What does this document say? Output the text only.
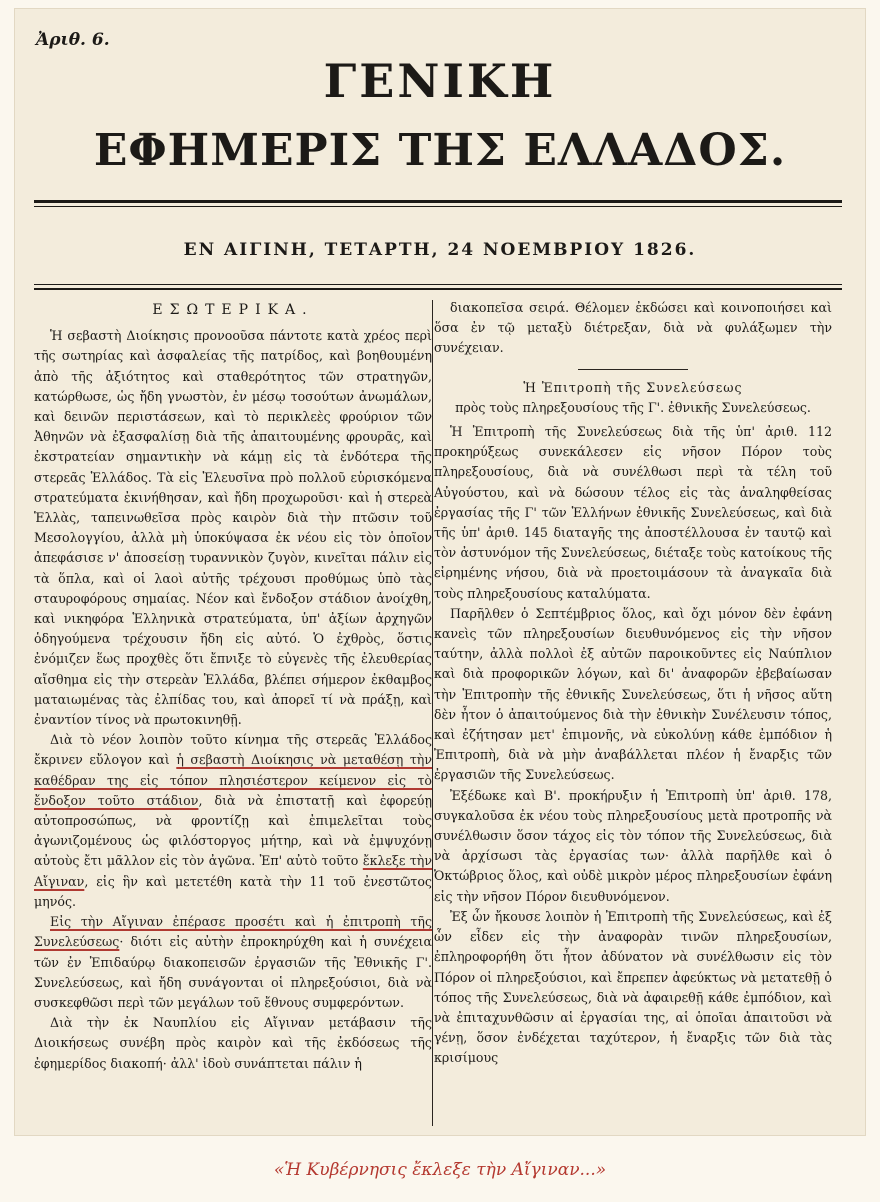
Ἀριθ. 6.
ΓΕΝΙΚΗ
ΕΦΗΜΕΡΙΣ ΤΗΣ ΕΛΛΑΔΟΣ.
ΕΝ ΑΙΓΙΝΗ, ΤΕΤΑΡΤΗ, 24 ΝΟΕΜΒΡΙΟΥ 1826.
ΕΣΩΤΕΡΙΚΑ.

Ἡ σεβαστὴ Διοίκησις προνοοῦσα πάντοτε κατὰ χρέος περὶ τῆς σωτηρίας καὶ ἀσφαλείας τῆς πατρίδος, καὶ βοηθουμένη ἀπὸ τῆς ἀξιότητος καὶ σταθερότητος τῶν στρατηγῶν, κατώρθωσε, ὡς ἤδη γνωστὸν, ἐν μέσῳ τοσούτων ἀνωμάλων, καὶ δεινῶν περιστάσεων, καὶ τὸ περικλεὲς φρούριον τῶν Ἀθηνῶν νὰ ἐξασφαλίσῃ διὰ τῆς ἀπαιτουμένης φρουρᾶς, καὶ ἐκστρατείαν σημαντικὴν νὰ κάμῃ εἰς τὰ ἐνδότερα τῆς στερεᾶς Ἑλλάδος. Τὰ εἰς Ἐλευσῖνα πρὸ πολλοῦ εὑρισκόμενα στρατεύματα ἐκινήθησαν, καὶ ἤδη προχωροῦσι· καὶ ἡ στερεὰ Ἑλλὰς, ταπεινωθεῖσα πρὸς καιρὸν διὰ τὴν πτῶσιν τοῦ Μεσολογγίου, ἀλλὰ μὴ ὑποκύψασα ἐκ νέου εἰς τὸν ὁποῖον ἀπεφάσισε ν' ἀποσείσῃ τυραννικὸν ζυγὸν, κινεῖται πάλιν εἰς τὰ ὅπλα, καὶ οἱ λαοὶ αὐτῆς τρέχουσι προθύμως ὑπὸ τὰς σταυροφόρους σημαίας. Νέον καὶ ἔνδοξον στάδιον ἀνοίχθη, καὶ νικηφόρα Ἑλληνικὰ στρατεύματα, ὑπ' ἀξίων ἀρχηγῶν ὁδηγούμενα τρέχουσιν ἤδη εἰς αὐτό. Ὁ ἐχθρὸς, ὅστις ἐνόμιζεν ἕως προχθὲς ὅτι ἔπνιξε τὸ εὐγενὲς τῆς ἐλευθερίας αἴσθημα εἰς τὴν στερεὰν Ἑλλάδα, βλέπει σήμερον ἐκθαμβος ματαιωμένας τὰς ἐλπίδας του, καὶ ἀπορεῖ τί νὰ πράξῃ, καὶ ἐναντίον τίνος νὰ πρωτοκινηθῇ.

Διὰ τὸ νέον λοιπὸν τοῦτο κίνημα τῆς στερεᾶς Ἑλλάδος ἔκρινεν εὔλογον καὶ ἡ σεβαστὴ Διοίκησις νὰ μεταθέσῃ τὴν καθέδραν της εἰς τόπον πλησιέστερον κείμενον εἰς τὸ ἔνδοξον τοῦτο στάδιον, διὰ νὰ ἐπιστατῇ καὶ ἐφορεύῃ αὐτοπροσώπως, νὰ φροντίζῃ καὶ ἐπιμελεῖται τοὺς ἀγωνιζομένους ὡς φιλόστοργος μήτηρ, καὶ νὰ ἐμψυχόνῃ αὐτοὺς ἔτι μᾶλλον εἰς τὸν ἀγῶνα. Ἐπ' αὐτὸ τοῦτο ἔκλεξε τὴν Αἴγιναν, εἰς ἣν καὶ μετετέθη κατὰ τὴν 11 τοῦ ἐνεστῶτος μηνός.

Εἰς τὴν Αἴγιναν ἐπέρασε προσέτι καὶ ἡ ἐπιτροπὴ τῆς Συνελεύσεως· διότι εἰς αὐτὴν ἐπροκηρύχθη καὶ ἡ συνέχεια τῶν ἐν Ἐπιδαύρῳ διακοπεισῶν ἐργασιῶν τῆς Ἐθνικῆς Γ'. Συνελεύσεως, καὶ ἤδη συνάγονται οἱ πληρεξούσιοι, διὰ νὰ συσκεφθῶσι περὶ τῶν μεγάλων τοῦ ἔθνους συμφερόντων.

Διὰ τὴν ἐκ Ναυπλίου εἰς Αἴγιναν μετάβασιν τῆς Διοικήσεως συνέβη πρὸς καιρὸν καὶ τῆς ἐκδόσεως τῆς ἐφημερίδος διακοπή· ἀλλ' ἰδοὺ συνάπτεται πάλιν ἡ

διακοπεῖσα σειρά. Θέλομεν ἐκδώσει καὶ κοινοποιήσει καὶ ὅσα ἐν τῷ μεταξὺ διέτρεξαν, διὰ νὰ φυλάξωμεν τὴν συνέχειαν.

Ἡ Ἐπιτροπὴ τῆς Συνελεύσεως
πρὸς τοὺς πληρεξουσίους τῆς Γ'. ἐθνικῆς Συνελεύσεως.

Ἡ Ἐπιτροπὴ τῆς Συνελεύσεως διὰ τῆς ὑπ' ἀριθ. 112 προκηρύξεως συνεκάλεσεν εἰς νῆσον Πόρον τοὺς πληρεξουσίους, διὰ νὰ συνέλθωσι περὶ τὰ τέλη τοῦ Αὐγούστου, καὶ νὰ δώσουν τέλος εἰς τὰς ἀναληφθείσας ἐργασίας τῆς Γ' τῶν Ἑλλήνων ἐθνικῆς Συνελεύσεως, καὶ διὰ τῆς ὑπ' ἀριθ. 145 διαταγῆς της ἀποστέλλουσα ἐν ταυτῷ καὶ τὸν ἀστυνόμον τῆς Συνελεύσεως, διέταξε τοὺς κατοίκους τῆς εἰρημένης νήσου, διὰ νὰ προετοιμάσουν τὰ ἀναγκαῖα διὰ τοὺς πληρεξουσίους καταλύματα.

Παρῆλθεν ὁ Σεπτέμβριος ὅλος, καὶ ὄχι μόνον δὲν ἐφάνη κανεὶς τῶν πληρεξουσίων διευθυνόμενος εἰς τὴν νῆσον ταύτην, ἀλλὰ πολλοὶ ἐξ αὐτῶν παροικοῦντες εἰς Ναύπλιον καὶ διὰ προφορικῶν λόγων, καὶ δι' ἀναφορῶν ἐβεβαίωσαν τὴν Ἐπιτροπὴν τῆς ἐθνικῆς Συνελεύσεως, ὅτι ἡ νῆσος αὕτη δὲν ἦτον ὁ ἀπαιτούμενος διὰ τὴν ἐθνικὴν Συνέλευσιν τόπος, καὶ ἐζήτησαν μετ' ἐπιμονῆς, νὰ εὐκολύνῃ κάθε ἐμπόδιον ἡ Ἐπιτροπὴ, διὰ νὰ μὴν ἀναβάλλεται πλέον ἡ ἔναρξις τῶν ἐργασιῶν τῆς Συνελεύσεως.

Ἐξέδωκε καὶ Β'. προκήρυξιν ἡ Ἐπιτροπὴ ὑπ' ἀριθ. 178, συγκαλοῦσα ἐκ νέου τοὺς πληρεξουσίους μετὰ προτροπῆς νὰ συνέλθωσιν ὅσον τάχος εἰς τὸν τόπον τῆς Συνελεύσεως, διὰ νὰ ἀρχίσωσι τὰς ἐργασίας των· ἀλλὰ παρῆλθε καὶ ὁ Ὀκτώβριος ὅλος, καὶ οὐδὲ μικρὸν μέρος πληρεξουσίων ἐφάνη εἰς τὴν νῆσον Πόρον διευθυνόμενον.

Ἐξ ὧν ἤκουσε λοιπὸν ἡ Ἐπιτροπὴ τῆς Συνελεύσεως, καὶ ἐξ ὧν εἶδεν εἰς τὴν ἀναφορὰν τινῶν πληρεξουσίων, ἐπληροφορήθη ὅτι ἦτον ἀδύνατον νὰ συνέλθωσιν εἰς τὸν Πόρον οἱ πληρεξούσιοι, καὶ ἔπρεπεν ἀφεύκτως νὰ μετατεθῇ ὁ τόπος τῆς Συνελεύσεως, διὰ νὰ ἀφαιρεθῇ κάθε ἐμπόδιον, καὶ νὰ ἐπιταχυνθῶσιν αἱ ἐργασίαι της, αἱ ὁποῖαι ἀπαιτοῦσι νὰ γένῃ, ὅσον ἐνδέχεται ταχύτερον, ἡ ἔναρξις τῶν διὰ τὰς κρισίμους

«Ἡ Κυβέρνησις ἔκλεξε τὴν Αἴγιναν...»
